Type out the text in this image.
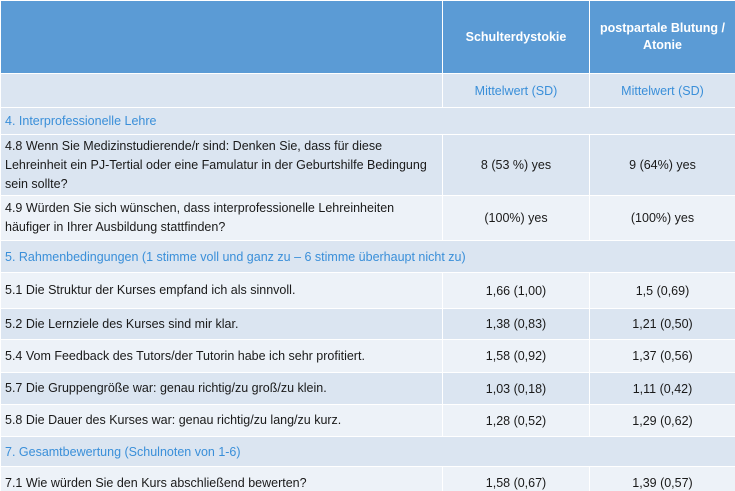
	Schulterdystokie	postpartale Blutung / Atonie
	Mittelwert (SD)	Mittelwert (SD)
4. Interprofessionelle Lehre		
4.8 Wenn Sie Medizinstudierende/r sind: Denken Sie, dass für diese Lehreinheit ein PJ-Tertial oder eine Famulatur in der Geburtshilfe Bedingung sein sollte?	8 (53 %) yes	9 (64%) yes
4.9 Würden Sie sich wünschen, dass interprofessionelle Lehreinheiten häufiger in Ihrer Ausbildung stattfinden?	(100%) yes	(100%) yes
5. Rahmenbedingungen (1 stimme voll und ganz zu – 6 stimme überhaupt nicht zu)		
5.1 Die Struktur der Kurses empfand ich als sinnvoll.	1,66 (1,00)	1,5 (0,69)
5.2 Die Lernziele des Kurses sind mir klar.	1,38 (0,83)	1,21 (0,50)
5.4 Vom Feedback des Tutors/der Tutorin habe ich sehr profitiert.	1,58 (0,92)	1,37 (0,56)
5.7 Die Gruppengröße war: genau richtig/zu groß/zu klein.	1,03 (0,18)	1,11 (0,42)
5.8 Die Dauer des Kurses war: genau richtig/zu lang/zu kurz.	1,28 (0,52)	1,29 (0,62)
7. Gesamtbewertung (Schulnoten von 1-6)		
7.1 Wie würden Sie den Kurs abschließend bewerten?	1,58 (0,67)	1,39 (0,57)
